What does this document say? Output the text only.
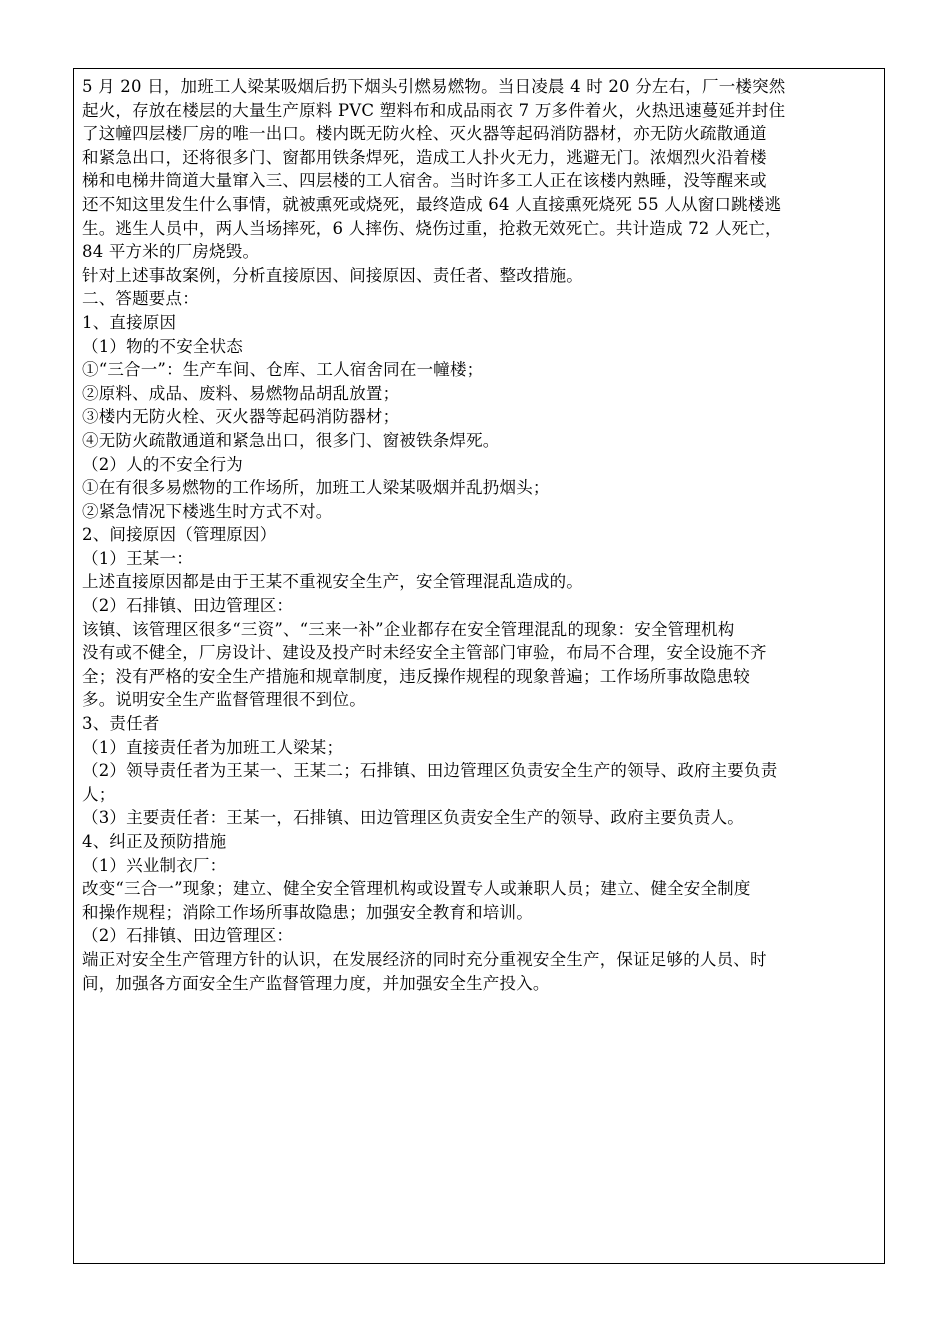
5 月 20 日，加班工人梁某吸烟后扔下烟头引燃易燃物。当日凌晨 4 时 20 分左右，厂一楼突然
起火，存放在楼层的大量生产原料 PVC 塑料布和成品雨衣 7 万多件着火，火热迅速蔓延并封住
了这幢四层楼厂房的唯一出口。楼内既无防火栓、灭火器等起码消防器材，亦无防火疏散通道
和紧急出口，还将很多门、窗都用铁条焊死，造成工人扑火无力，逃避无门。浓烟烈火沿着楼
梯和电梯井筒道大量窜入三、四层楼的工人宿舍。当时许多工人正在该楼内熟睡，没等醒来或
还不知这里发生什么事情，就被熏死或烧死，最终造成 64 人直接熏死烧死 55 人从窗口跳楼逃
生。逃生人员中，两人当场摔死，6 人摔伤、烧伤过重，抢救无效死亡。共计造成 72 人死亡，
84 平方米的厂房烧毁。
针对上述事故案例，分析直接原因、间接原因、责任者、整改措施。
二、答题要点：
1、直接原因
（1）物的不安全状态
①“三合一”：生产车间、仓库、工人宿舍同在一幢楼；
②原料、成品、废料、易燃物品胡乱放置；
③楼内无防火栓、灭火器等起码消防器材；
④无防火疏散通道和紧急出口，很多门、窗被铁条焊死。
（2）人的不安全行为
①在有很多易燃物的工作场所，加班工人梁某吸烟并乱扔烟头；
②紧急情况下楼逃生时方式不对。
2、间接原因（管理原因）
（1）王某一：
上述直接原因都是由于王某不重视安全生产，安全管理混乱造成的。
（2）石排镇、田边管理区：
该镇、该管理区很多“三资”、“三来一补”企业都存在安全管理混乱的现象：安全管理机构
没有或不健全，厂房设计、建设及投产时未经安全主管部门审验，布局不合理，安全设施不齐
全；没有严格的安全生产措施和规章制度，违反操作规程的现象普遍；工作场所事故隐患较
多。说明安全生产监督管理很不到位。
3、责任者
（1）直接责任者为加班工人梁某；
（2）领导责任者为王某一、王某二；石排镇、田边管理区负责安全生产的领导、政府主要负责
人；
（3）主要责任者：王某一，石排镇、田边管理区负责安全生产的领导、政府主要负责人。
4、纠正及预防措施
（1）兴业制衣厂：
改变“三合一”现象；建立、健全安全管理机构或设置专人或兼职人员；建立、健全安全制度
和操作规程；消除工作场所事故隐患；加强安全教育和培训。
（2）石排镇、田边管理区：
端正对安全生产管理方针的认识，在发展经济的同时充分重视安全生产，保证足够的人员、时
间，加强各方面安全生产监督管理力度，并加强安全生产投入。
